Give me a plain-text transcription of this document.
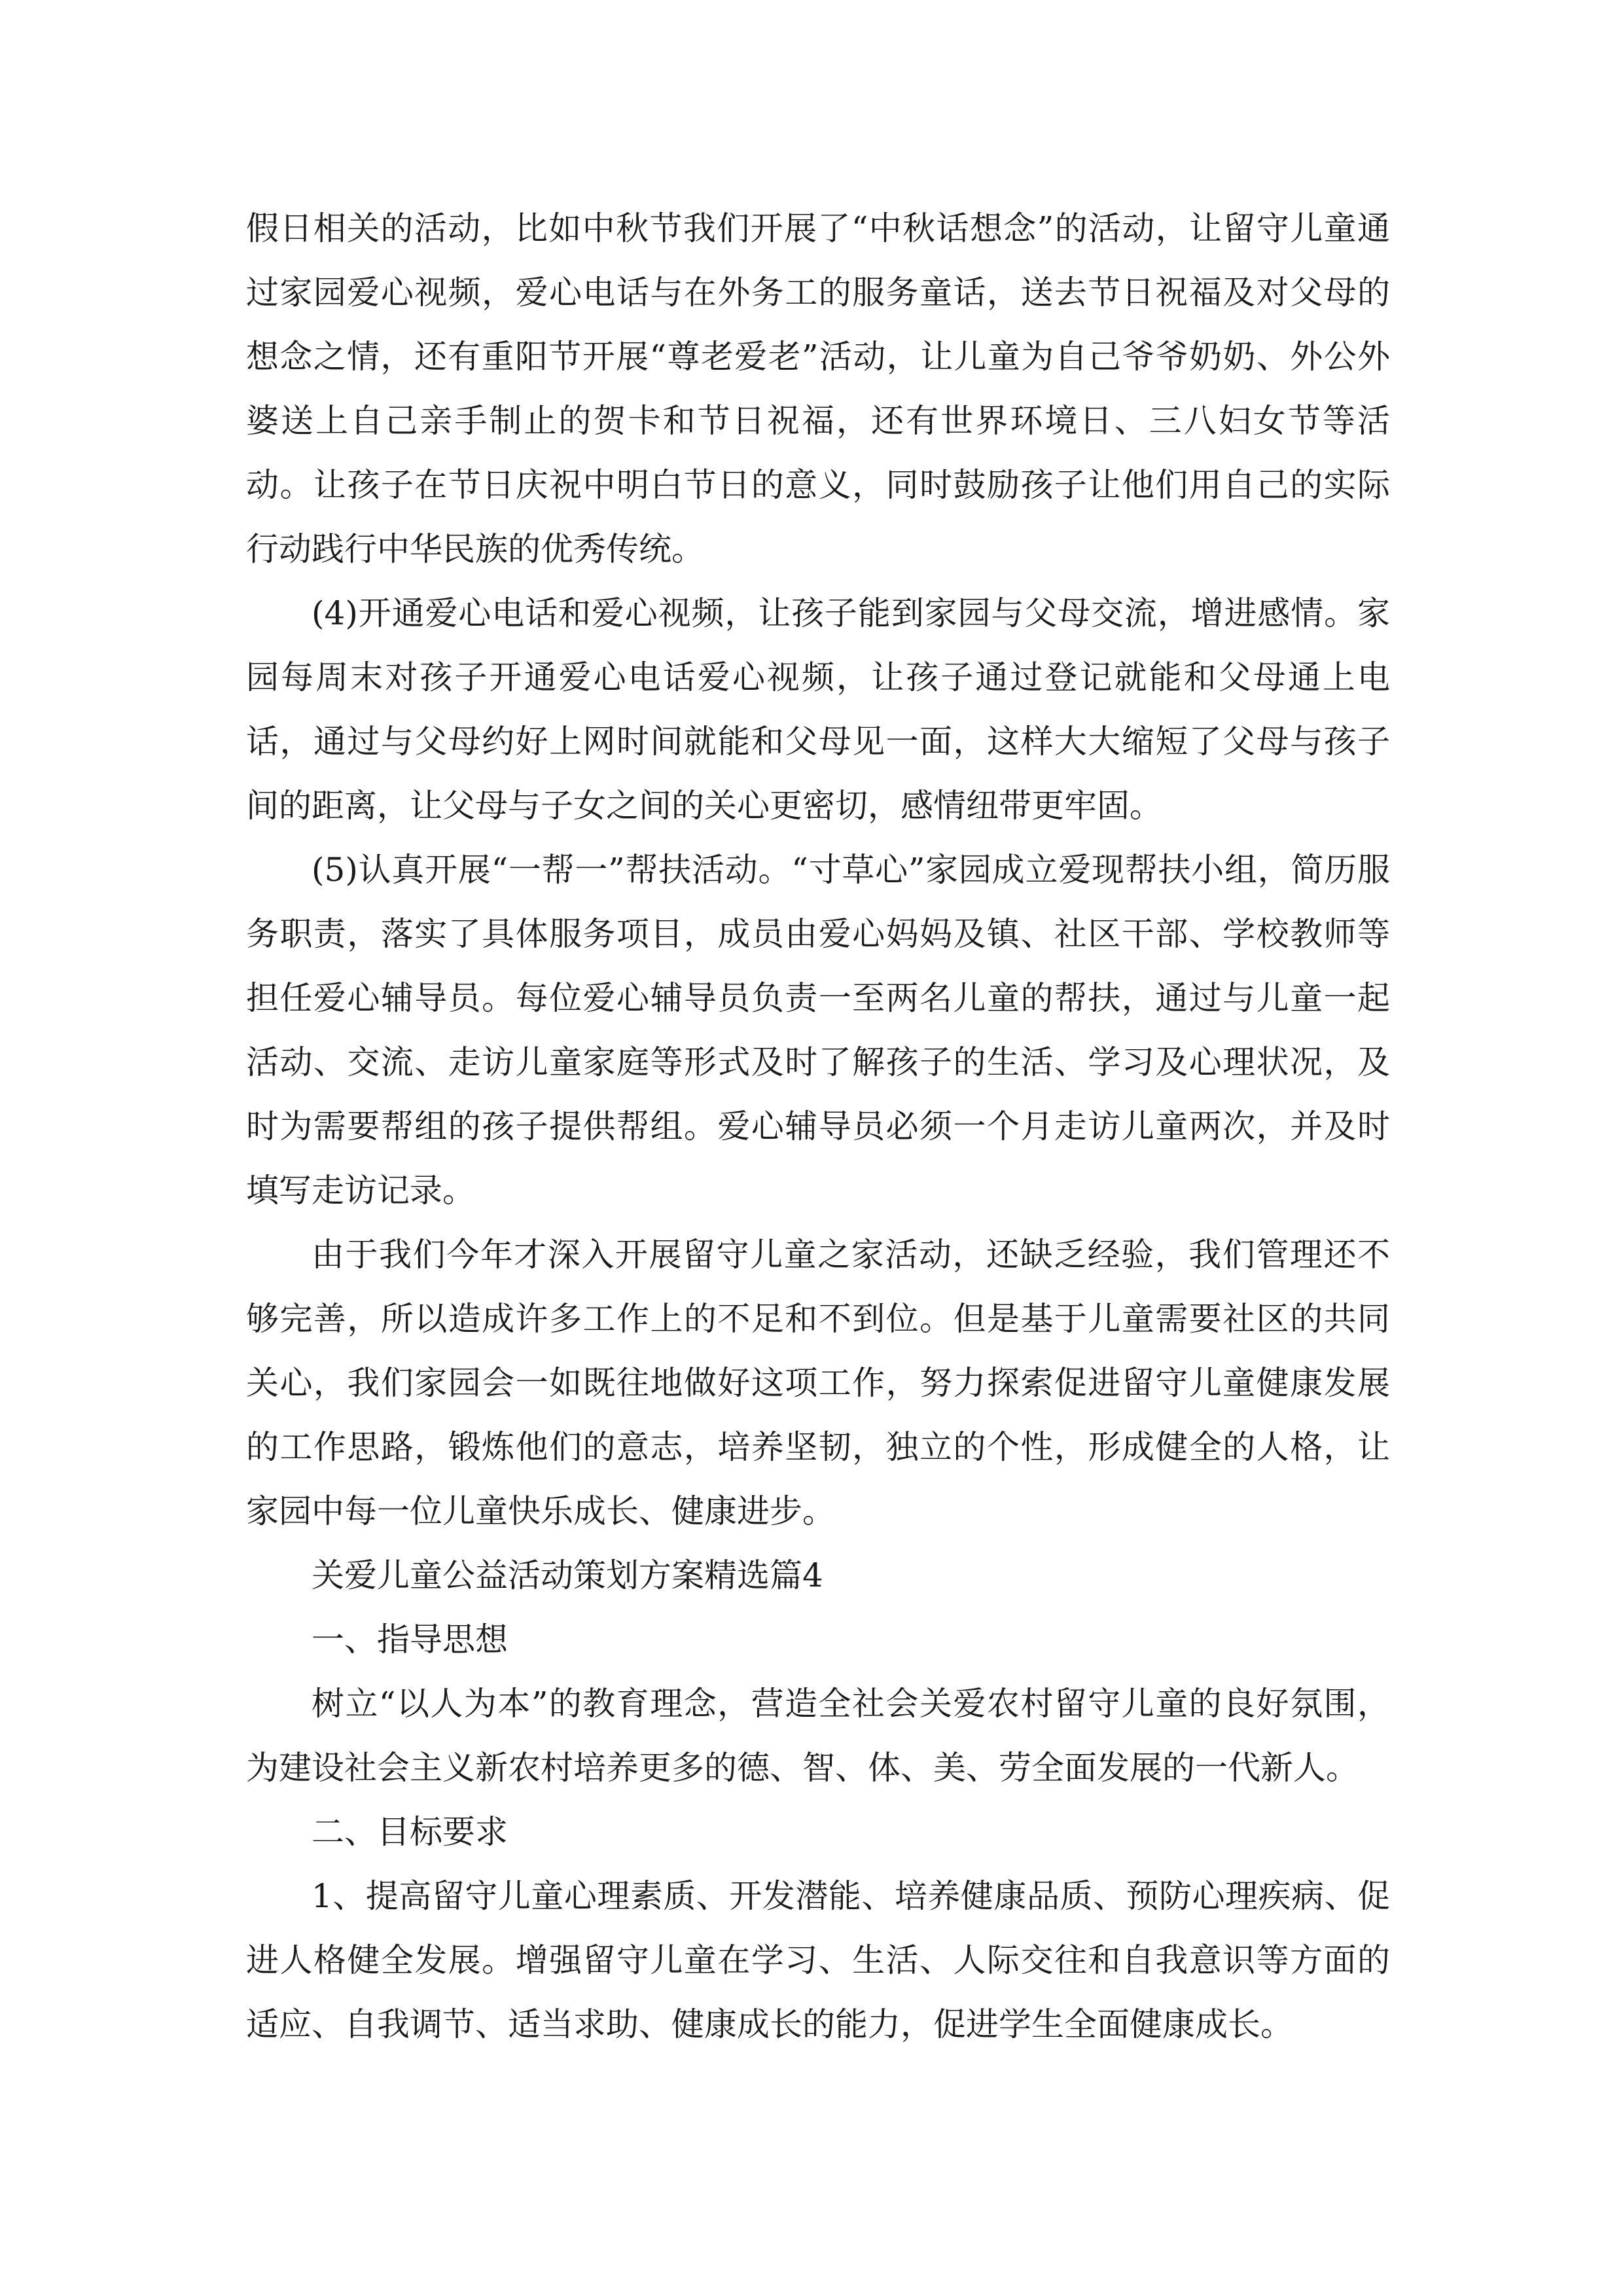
假日相关的活动，比如中秋节我们开展了“中秋话想念”的活动，让留守儿童通过家园爱心视频，爱心电话与在外务工的服务童话，送去节日祝福及对父母的想念之情，还有重阳节开展“尊老爱老”活动，让儿童为自己爷爷奶奶、外公外婆送上自己亲手制止的贺卡和节日祝福，还有世界环境日、三八妇女节等活动。让孩子在节日庆祝中明白节日的意义，同时鼓励孩子让他们用自己的实际行动践行中华民族的优秀传统。

(4)开通爱心电话和爱心视频，让孩子能到家园与父母交流，增进感情。家园每周末对孩子开通爱心电话爱心视频，让孩子通过登记就能和父母通上电话，通过与父母约好上网时间就能和父母见一面，这样大大缩短了父母与孩子间的距离，让父母与子女之间的关心更密切，感情纽带更牢固。

(5)认真开展“一帮一”帮扶活动。“寸草心”家园成立爱现帮扶小组，简历服务职责，落实了具体服务项目，成员由爱心妈妈及镇、社区干部、学校教师等担任爱心辅导员。每位爱心辅导员负责一至两名儿童的帮扶，通过与儿童一起活动、交流、走访儿童家庭等形式及时了解孩子的生活、学习及心理状况，及时为需要帮组的孩子提供帮组。爱心辅导员必须一个月走访儿童两次，并及时填写走访记录。

由于我们今年才深入开展留守儿童之家活动，还缺乏经验，我们管理还不够完善，所以造成许多工作上的不足和不到位。但是基于儿童需要社区的共同关心，我们家园会一如既往地做好这项工作，努力探索促进留守儿童健康发展的工作思路，锻炼他们的意志，培养坚韧，独立的个性，形成健全的人格，让家园中每一位儿童快乐成长、健康进步。

关爱儿童公益活动策划方案精选篇4

一、指导思想

树立“以人为本”的教育理念，营造全社会关爱农村留守儿童的良好氛围，为建设社会主义新农村培养更多的德、智、体、美、劳全面发展的一代新人。

二、目标要求

1、提高留守儿童心理素质、开发潜能、培养健康品质、预防心理疾病、促进人格健全发展。增强留守儿童在学习、生活、人际交往和自我意识等方面的适应、自我调节、适当求助、健康成长的能力，促进学生全面健康成长。
